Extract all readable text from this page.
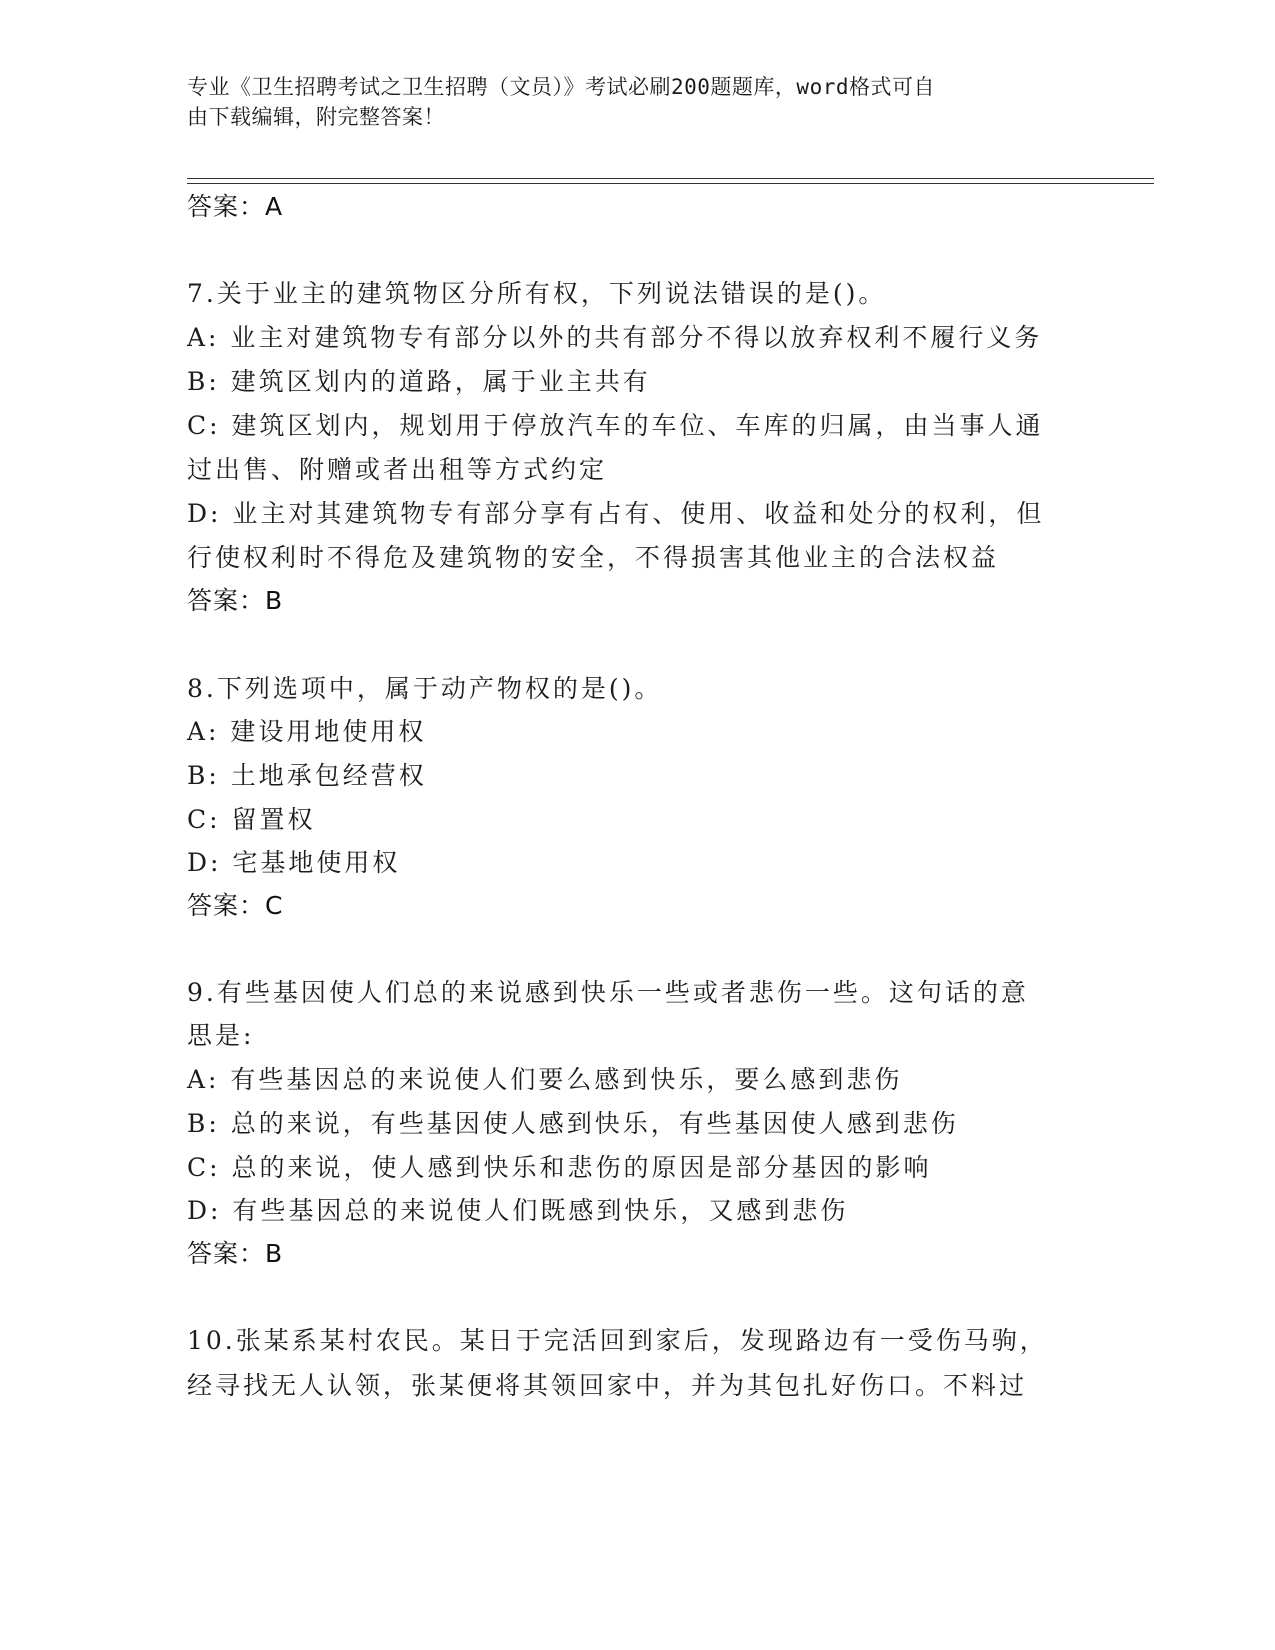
专业《卫生招聘考试之卫生招聘（文员）》考试必刷200题题库，word格式可自
由下载编辑，附完整答案！
答案：A
7.关于业主的建筑物区分所有权，下列说法错误的是()。
A: 业主对建筑物专有部分以外的共有部分不得以放弃权利不履行义务
B: 建筑区划内的道路，属于业主共有
C: 建筑区划内，规划用于停放汽车的车位、车库的归属，由当事人通
过出售、附赠或者出租等方式约定
D: 业主对其建筑物专有部分享有占有、使用、收益和处分的权利，但
行使权利时不得危及建筑物的安全，不得损害其他业主的合法权益
答案：B
8.下列选项中，属于动产物权的是()。
A: 建设用地使用权
B: 土地承包经营权
C: 留置权
D: 宅基地使用权
答案：C
9.有些基因使人们总的来说感到快乐一些或者悲伤一些。这句话的意
思是:
A: 有些基因总的来说使人们要么感到快乐，要么感到悲伤
B: 总的来说，有些基因使人感到快乐，有些基因使人感到悲伤
C: 总的来说，使人感到快乐和悲伤的原因是部分基因的影响
D: 有些基因总的来说使人们既感到快乐，又感到悲伤
答案：B
10.张某系某村农民。某日于完活回到家后，发现路边有一受伤马驹，
经寻找无人认领，张某便将其领回家中，并为其包扎好伤口。不料过
